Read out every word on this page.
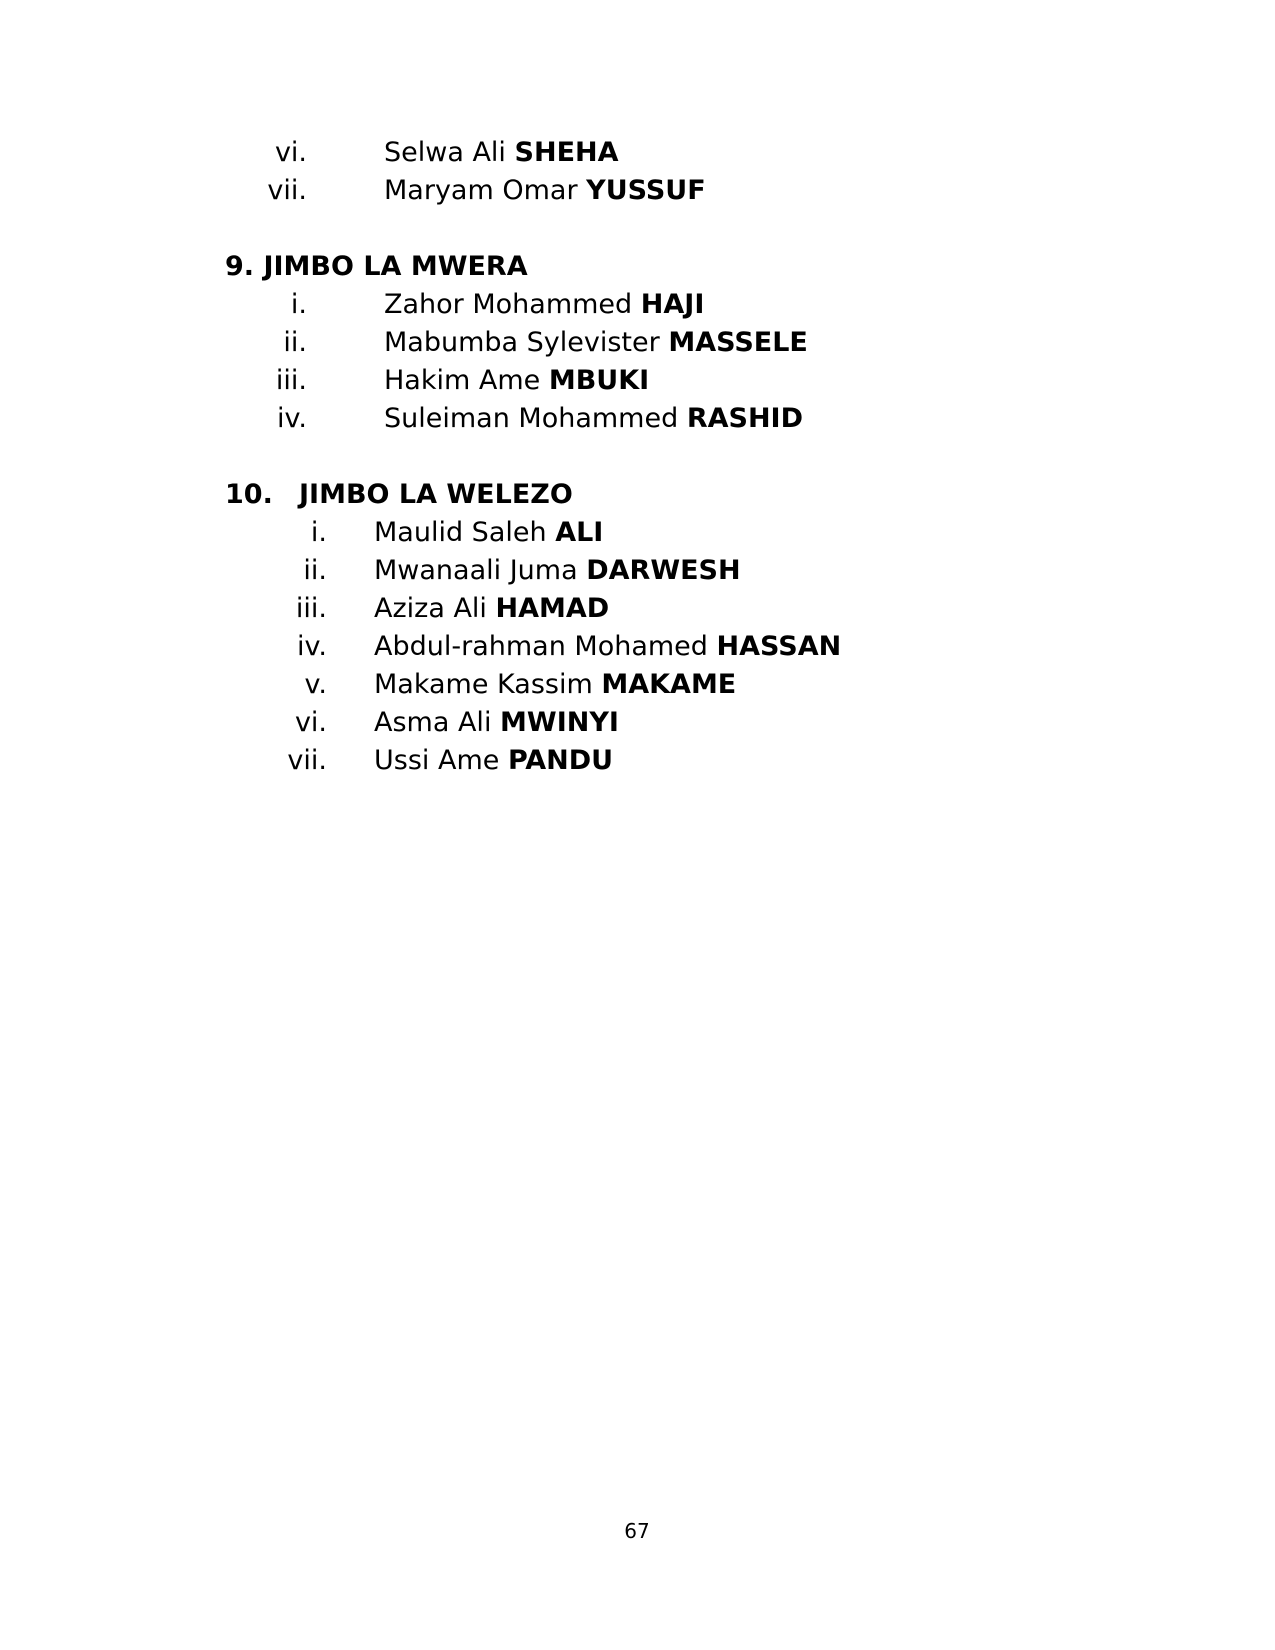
vi.	Selwa Ali SHEHA
vii.	Maryam Omar YUSSUF
9. JIMBO LA MWERA
i.	Zahor Mohammed HAJI
ii.	Mabumba Sylevister MASSELE
iii.	Hakim Ame MBUKI
iv.	Suleiman Mohammed RASHID
10. JIMBO LA WELEZO
i. Maulid Saleh ALI
ii. Mwanaali Juma DARWESH
iii. Aziza Ali HAMAD
iv. Abdul-rahman Mohamed HASSAN
v. Makame Kassim MAKAME
vi. Asma Ali MWINYI
vii. Ussi Ame PANDU
67
